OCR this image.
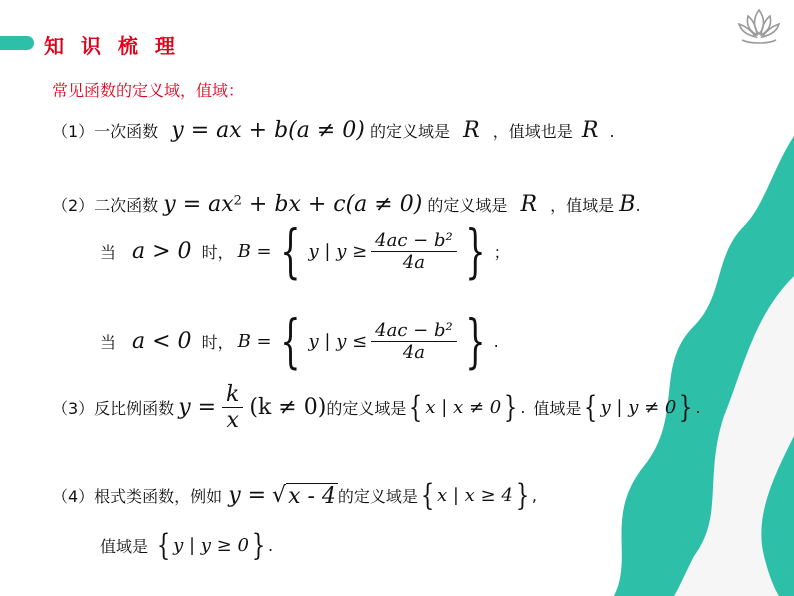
知 识 梳 理
常见函数的定义域，值域：
（1）一次函数 y = ax + b(a ≠ 0) 的定义域是 R ，值域也是 R .
（2）二次函数 $y = ax^2$ + bx + c(a ≠ 0) 的定义域是 R ，值域是 B.
当 a > 0 时， B = { y | $y \ge \frac{\text{4ac − b²}}{4a}$ } ；
当 a < 0 时， B = { y | $y \le \frac{\text{4ac − b²}}{4a}$ } .
（3）反比例函数 $y = \frac{k}{x} (k \ne 0)$ 的定义域是 { x | x ≠ 0 } . 值域是 { y | y ≠ 0 } .
（4）根式类函数，例如 y = √ x - 4 的定义域是 { x | x ≥ 4 } ,
值域是 { y | y ≥ 0 } .
